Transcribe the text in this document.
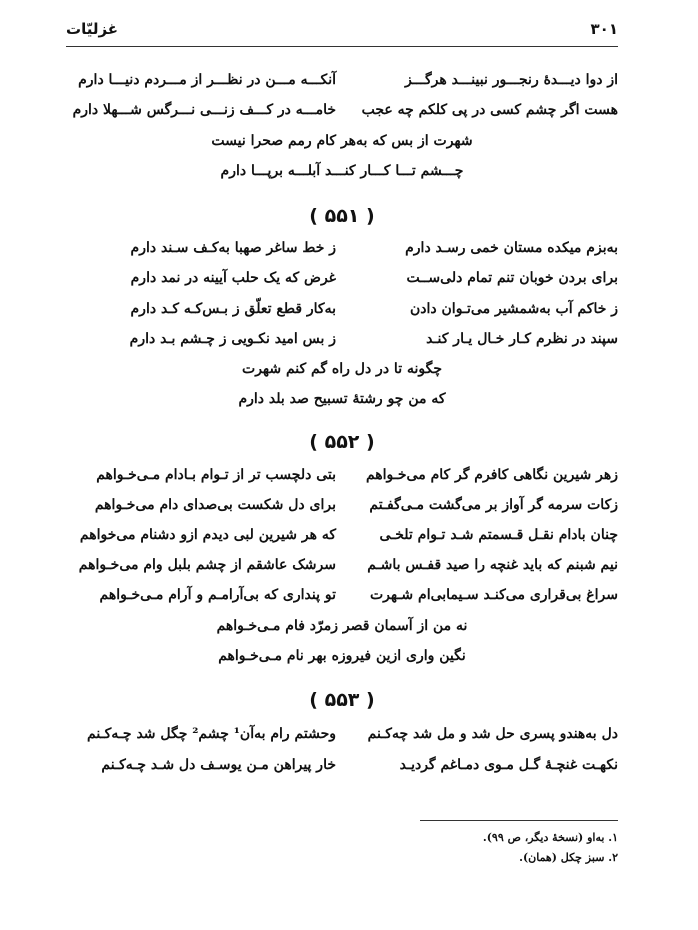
غزلیّات	۳۰۱
از دوا دیـــدهٔ رنجـــور نبینـــد هرگـــز
آنکـــه مـــن در نظـــر از مـــردم دنیـــا دارم
هست اگر چشم کسی در پی کلکم چه عجب
خامـــه در کـــف زنـــی نـــرگس شـــهلا دارم
شهرت از بس که به‌هر کام رمم صحرا نیست
چـــشم تـــا کـــار کنـــد آبلـــه برپـــا دارم
( ۵۵۱ )
به‌بزم میکده مستان خمی رسـد دارم
ز خط ساغر صهبا به‌کـف سـند دارم
برای بردن خوبان تنم تمام دلی‌ســت
غرض که یک حلب آیینه در نمد دارم
ز خاکم آب به‌شمشیر می‌تـوان دادن
به‌کار قطع تعلّق ز بـس‌کـه کـد دارم
سپند در نظرم کـار خـال یـار کنـد
ز بس امید نکـویی ز چـشم بـد دارم
چگونه تا در دل راه گم کنم شهرت
که من چو رشتهٔ تسبیح صد بلد دارم
( ۵۵۲ )
زهر شیرین نگاهی کافرم گر کام می‌خـواهم
بتی دلچسب تر از تـوام بـادام مـی‌خـواهم
زکات سرمه گر آواز بر می‌گشت مـی‌گفـتم
برای دل شکست بی‌صدای دام می‌خـواهم
چنان بادام نقـل قـسمتم شـد تـوام تلخـی
که هر شیرین لبی دیدم ازو دشنام می‌خواهم
نیم شبنم که باید غنچه را صید قفـس باشـم
سرشک عاشقم از چشم بلبل وام می‌خـواهم
سراغ بی‌قراری می‌کنـد سـیمابی‌ام شـهرت
تو پنداری که بی‌آرامـم و آرام مـی‌خـواهم
نه من از آسمان قصر زمرّد فام مـی‌خـواهم
نگین واری ازین فیروزه بهر نام مـی‌خـواهم
( ۵۵۳ )
دل به‌هندو پسری حل شد و مل شد چه‌کـنم
وحشتم رام به‌آن¹ چشم² چگل شد چـه‌کـنم
نکهـت غنچـهٔ گـل مـوی دمـاغم گردیـد
خار پیراهن مـن یوسـف دل شـد چـه‌کـنم
۱. به‌او (نسخهٔ دیگر، ص ۹۹).
۲. سبز چکل (همان).
